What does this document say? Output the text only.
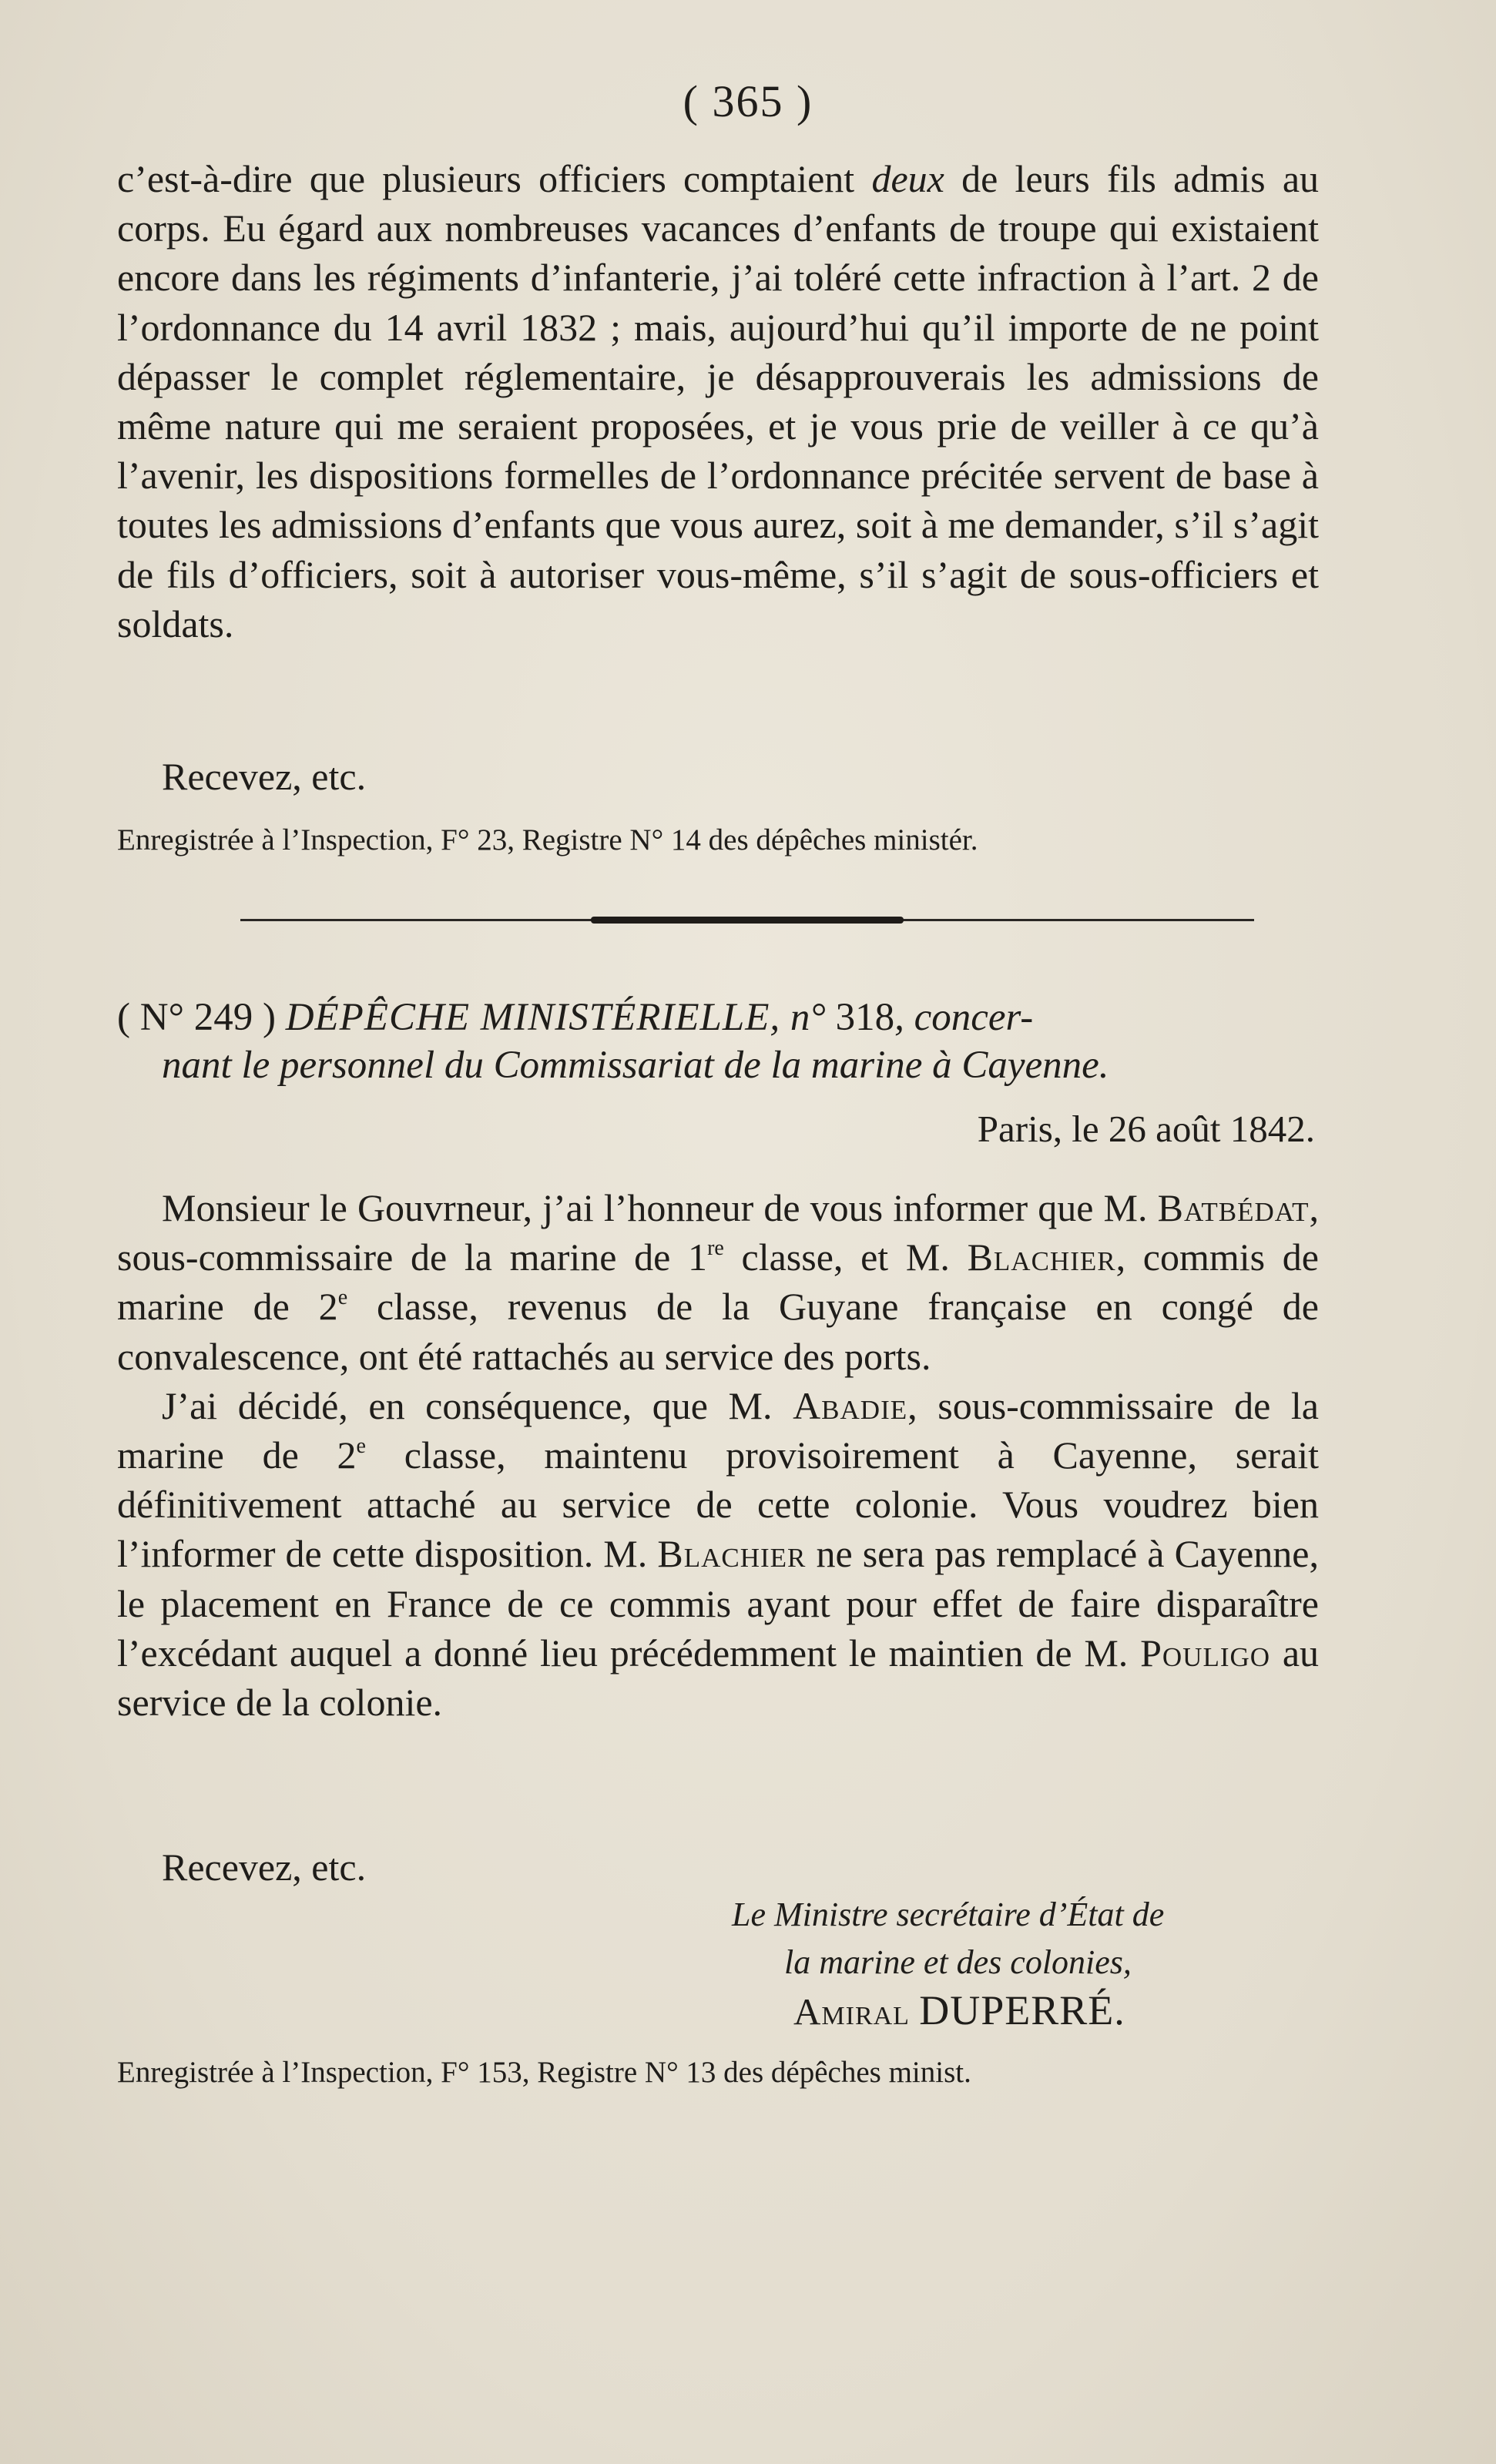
( 365 )

c’est-à-dire que plusieurs officiers comptaient deux de leurs fils admis au corps. Eu égard aux nombreuses vacances d’enfants de troupe qui existaient encore dans les régiments d’infanterie, j’ai toléré cette infraction à l’art. 2 de l’ordonnance du 14 avril 1832 ; mais, aujourd’hui qu’il importe de ne point dépasser le complet réglementaire, je désapprouverais les admissions de même nature qui me seraient proposées, et je vous prie de veiller à ce qu’à l’avenir, les dispositions formelles de l’ordonnance précitée servent de base à toutes les admissions d’enfants que vous aurez, soit à me demander, s’il s’agit de fils d’officiers, soit à autoriser vous-même, s’il s’agit de sous-officiers et soldats.

Recevez, etc.

Enregistrée à l’Inspection, F° 23, Registre N° 14 des dépêches ministér.

( N° 249 ) DÉPÊCHE MINISTÉRIELLE, n° 318, concer-

nant le personnel du Commissariat de la marine à Cayenne.

Paris, le 26 août 1842.

Monsieur le Gouvrneur, j’ai l’honneur de vous informer que M. Batbédat, sous-commissaire de la marine de 1re classe, et M. Blachier, commis de marine de 2e classe, revenus de la Guyane française en congé de convalescence, ont été rattachés au service des ports.

J’ai décidé, en conséquence, que M. Abadie, sous-commissaire de la marine de 2e classe, maintenu provisoirement à Cayenne, serait définitivement attaché au service de cette colonie. Vous voudrez bien l’informer de cette disposition. M. Blachier ne sera pas remplacé à Cayenne, le placement en France de ce commis ayant pour effet de faire disparaître l’excédant auquel a donné lieu précédemment le maintien de M. Pouligo au service de la colonie.

Recevez, etc.

Le Ministre secrétaire d’État de
la marine et des colonies,
Amiral DUPERRÉ.

Enregistrée à l’Inspection, F° 153, Registre N° 13 des dépêches minist.
